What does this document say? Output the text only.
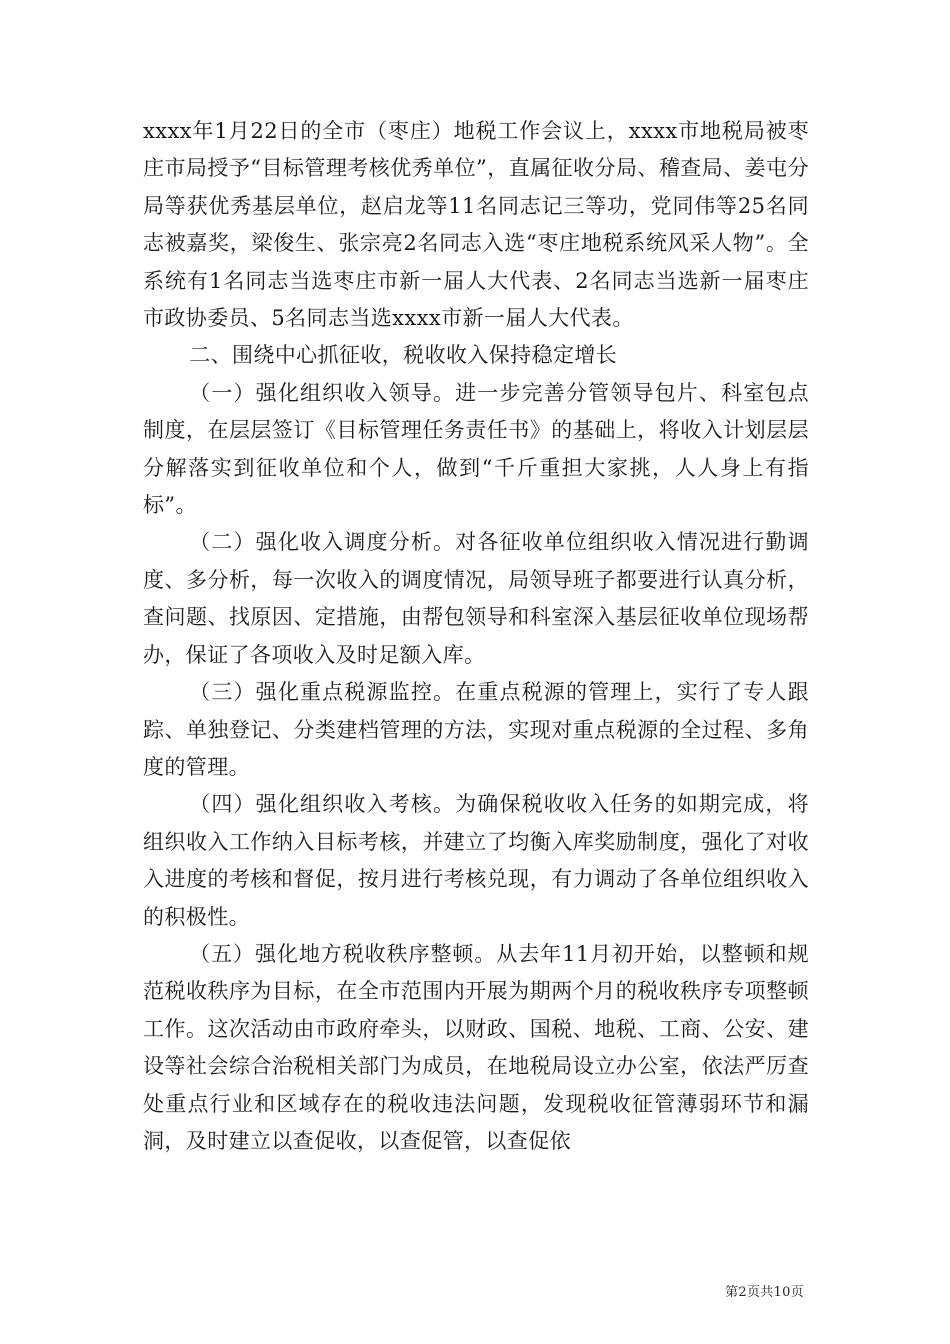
xxxx年1月22日的全市（枣庄）地税工作会议上，xxxx市地税局被枣庄市局授予“目标管理考核优秀单位”，直属征收分局、稽查局、姜屯分局等获优秀基层单位，赵启龙等11名同志记三等功，党同伟等25名同志被嘉奖，梁俊生、张宗亮2名同志入选“枣庄地税系统风采人物”。全系统有1名同志当选枣庄市新一届人大代表、2名同志当选新一届枣庄市政协委员、5名同志当选xxxx市新一届人大代表。

二、围绕中心抓征收，税收收入保持稳定增长

（一）强化组织收入领导。进一步完善分管领导包片、科室包点制度，在层层签订《目标管理任务责任书》的基础上，将收入计划层层分解落实到征收单位和个人，做到“千斤重担大家挑，人人身上有指标”。

（二）强化收入调度分析。对各征收单位组织收入情况进行勤调度、多分析，每一次收入的调度情况，局领导班子都要进行认真分析，查问题、找原因、定措施，由帮包领导和科室深入基层征收单位现场帮办，保证了各项收入及时足额入库。

（三）强化重点税源监控。在重点税源的管理上，实行了专人跟踪、单独登记、分类建档管理的方法，实现对重点税源的全过程、多角度的管理。

（四）强化组织收入考核。为确保税收收入任务的如期完成，将组织收入工作纳入目标考核，并建立了均衡入库奖励制度，强化了对收入进度的考核和督促，按月进行考核兑现，有力调动了各单位组织收入的积极性。

（五）强化地方税收秩序整顿。从去年11月初开始，以整顿和规范税收秩序为目标，在全市范围内开展为期两个月的税收秩序专项整顿工作。这次活动由市政府牵头，以财政、国税、地税、工商、公安、建设等社会综合治税相关部门为成员，在地税局设立办公室，依法严厉查处重点行业和区域存在的税收违法问题，发现税收征管薄弱环节和漏洞，及时建立以查促收，以查促管，以查促依

第2页共10页
